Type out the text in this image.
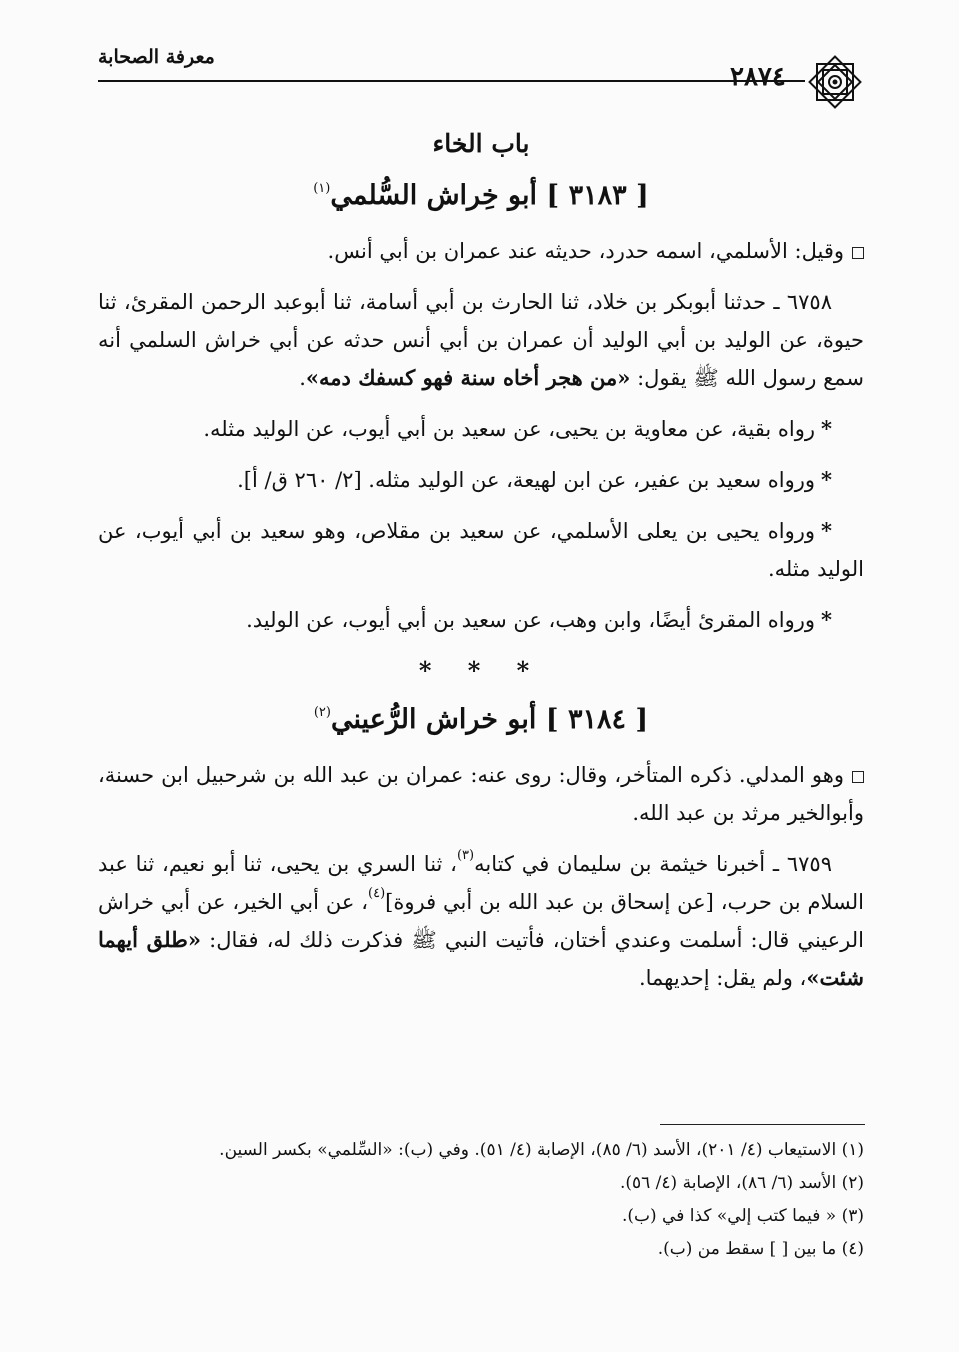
معرفة الصحابة
٢٨٧٤
باب الخاء
[ ٣١٨٣ ] أبو خِراش السُّلمي$^{(١)}$

وقيل: الأسلمي، اسمه حدرد، حديثه عند عمران بن أبي أنس.

٦٧٥٨ ـ حدثنا أبوبكر بن خلاد، ثنا الحارث بن أبي أسامة، ثنا أبوعبد الرحمن المقرئ، ثنا حيوة، عن الوليد بن أبي الوليد أن عمران بن أبي أنس حدثه عن أبي خراش السلمي أنه سمع رسول الله ﷺ يقول: «من هجر أخاه سنة فهو كسفك دمه».

*رواه بقية، عن معاوية بن يحيى، عن سعيد بن أبي أيوب، عن الوليد مثله.

*ورواه سعيد بن عفير، عن ابن لهيعة، عن الوليد مثله. [٢/ ٢٦٠ ق/ أ].

*ورواه يحيى بن يعلى الأسلمي، عن سعيد بن مقلاص، وهو سعيد بن أبي أيوب، عن الوليد مثله.

*ورواه المقرئ أيضًا، وابن وهب، عن سعيد بن أبي أيوب، عن الوليد.

* * *
[ ٣١٨٤ ] أبو خراش الرُّعيني$^{(٢)}$

وهو المدلي. ذكره المتأخر، وقال: روى عنه: عمران بن عبد الله بن شرحبيل ابن حسنة، وأبوالخير مرثد بن عبد الله.

٦٧٥٩ ـ أخبرنا خيثمة بن سليمان في كتابه$^{(٣)}$، ثنا السري بن يحيى، ثنا أبو نعيم، ثنا عبد السلام بن حرب، [عن إسحاق بن عبد الله بن أبي فروة]$^{(٤)}$، عن أبي الخير، عن أبي خراش الرعيني قال: أسلمت وعندي أختان، فأتيت النبي ﷺ فذكرت ذلك له، فقال: «طلق أيهما شئت»، ولم يقل: إحديهما.

(١) الاستيعاب (٤/ ٢٠١)، الأسد (٦/ ٨٥)، الإصابة (٤/ ٥١). وفي (ب): «السِّلمي» بكسر السين.
(٢) الأسد (٦/ ٨٦)، الإصابة (٤/ ٥٦).
(٣) « فيما كتب إلي» كذا في (ب).
(٤) ما بين [ ] سقط من (ب).
